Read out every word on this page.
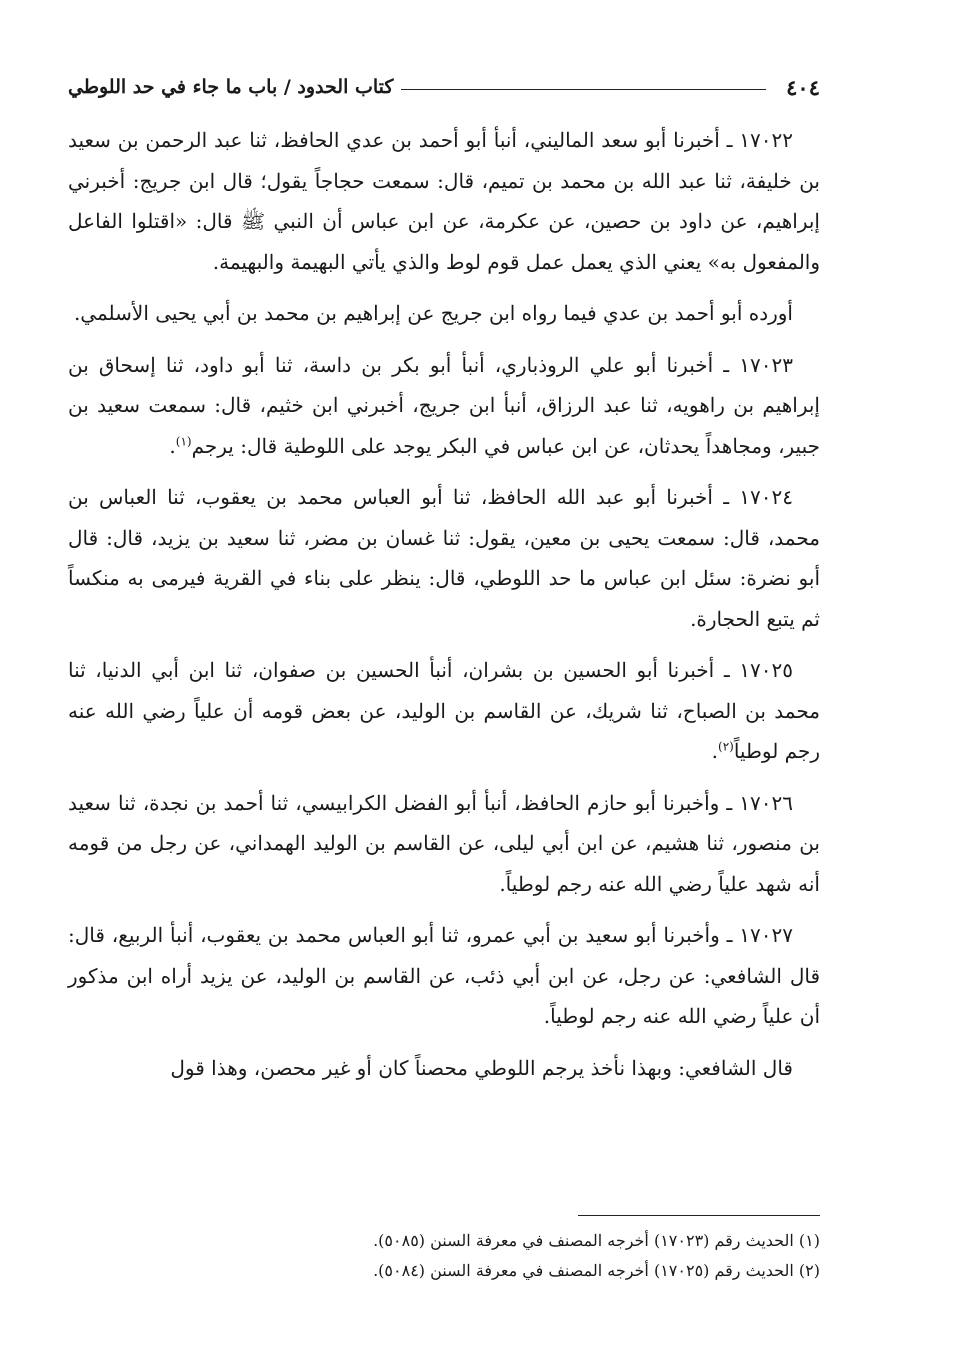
٤٠٤
كتاب الحدود / باب ما جاء في حد اللوطي

١٧٠٢٢ ـ أخبرنا أبو سعد الماليني، أنبأ أبو أحمد بن عدي الحافظ، ثنا عبد الرحمن بن سعيد بن خليفة، ثنا عبد الله بن محمد بن تميم، قال: سمعت حجاجاً يقول؛ قال ابن جريج: أخبرني إبراهيم، عن داود بن حصين، عن عكرمة، عن ابن عباس أن النبي ﷺ قال: «اقتلوا الفاعل والمفعول به» يعني الذي يعمل عمل قوم لوط والذي يأتي البهيمة والبهيمة.

أورده أبو أحمد بن عدي فيما رواه ابن جريج عن إبراهيم بن محمد بن أبي يحيى الأسلمي.

١٧٠٢٣ ـ أخبرنا أبو علي الروذباري، أنبأ أبو بكر بن داسة، ثنا أبو داود، ثنا إسحاق بن إبراهيم بن راهويه، ثنا عبد الرزاق، أنبأ ابن جريج، أخبرني ابن خثيم، قال: سمعت سعيد بن جبير، ومجاهداً يحدثان، عن ابن عباس في البكر يوجد على اللوطية قال: يرجم$^{(١)}$.

١٧٠٢٤ ـ أخبرنا أبو عبد الله الحافظ، ثنا أبو العباس محمد بن يعقوب، ثنا العباس بن محمد، قال: سمعت يحيى بن معين، يقول: ثنا غسان بن مضر، ثنا سعيد بن يزيد، قال: قال أبو نضرة: سئل ابن عباس ما حد اللوطي، قال: ينظر على بناء في القرية فيرمى به منكساً ثم يتبع الحجارة.

١٧٠٢٥ ـ أخبرنا أبو الحسين بن بشران، أنبأ الحسين بن صفوان، ثنا ابن أبي الدنيا، ثنا محمد بن الصباح، ثنا شريك، عن القاسم بن الوليد، عن بعض قومه أن علياً رضي الله عنه رجم لوطياً$^{(٢)}$.

١٧٠٢٦ ـ وأخبرنا أبو حازم الحافظ، أنبأ أبو الفضل الكرابيسي، ثنا أحمد بن نجدة، ثنا سعيد بن منصور، ثنا هشيم، عن ابن أبي ليلى، عن القاسم بن الوليد الهمداني، عن رجل من قومه أنه شهد علياً رضي الله عنه رجم لوطياً.

١٧٠٢٧ ـ وأخبرنا أبو سعيد بن أبي عمرو، ثنا أبو العباس محمد بن يعقوب، أنبأ الربيع، قال: قال الشافعي: عن رجل، عن ابن أبي ذئب، عن القاسم بن الوليد، عن يزيد أراه ابن مذكور أن علياً رضي الله عنه رجم لوطياً.

قال الشافعي: وبهذا نأخذ يرجم اللوطي محصناً كان أو غير محصن، وهذا قول

(١) الحديث رقم (١٧٠٢٣) أخرجه المصنف في معرفة السنن (٥٠٨٥).

(٢) الحديث رقم (١٧٠٢٥) أخرجه المصنف في معرفة السنن (٥٠٨٤).
